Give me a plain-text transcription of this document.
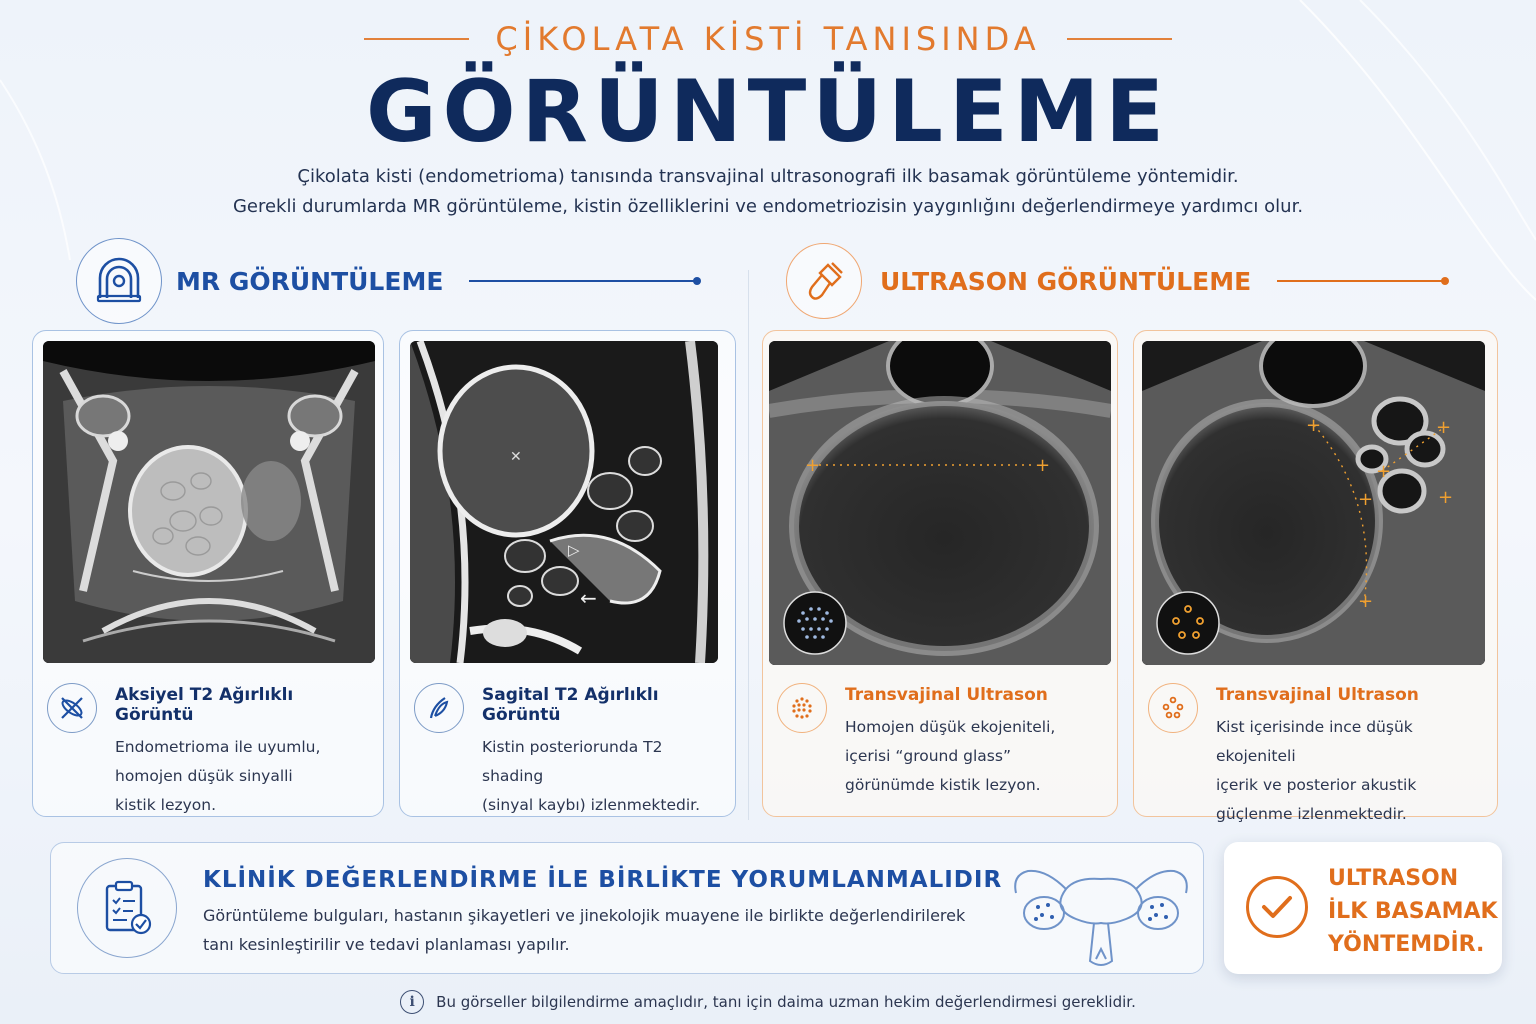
ÇİKOLATA KİSTİ TANISINDA
GÖRÜNTÜLEME
Çikolata kisti (endometrioma) tanısında transvajinal ultrasonografi ilk basamak görüntüleme yöntemidir.
Gerekli durumlarda MR görüntüleme, kistin özelliklerini ve endometriozisin yaygınlığını değerlendirmeye yardımcı olur.
MR GÖRÜNTÜLEME	ULTRASON GÖRÜNTÜLEME
Aksiyel T2 Ağırlıklı Görüntü
Endometrioma ile uyumlu,
homojen düşük sinyalli
kistik lezyon.
✕
▷
←
Sagital T2 Ağırlıklı Görüntü
Kistin posteriorunda T2 shading
(sinyal kaybı) izlenmektedir.
+	+
Transvajinal Ultrason
Homojen düşük ekojeniteli,
içerisi “ground glass”
görünümde kistik lezyon.
+
+
+
+
+
+
Transvajinal Ultrason
Kist içerisinde ince düşük ekojeniteli
içerik ve posterior akustik
güçlenme izlenmektedir.
KLİNİK DEĞERLENDİRME İLE BİRLİKTE YORUMLANMALIDIR
Görüntüleme bulguları, hastanın şikayetleri ve jinekolojik muayene ile birlikte değerlendirilerek
tanı kesinleştirilir ve tedavi planlaması yapılır.
ULTRASON
İLK BASAMAK
YÖNTEMDİR.
i	Bu görseller bilgilendirme amaçlıdır, tanı için daima uzman hekim değerlendirmesi gereklidir.
